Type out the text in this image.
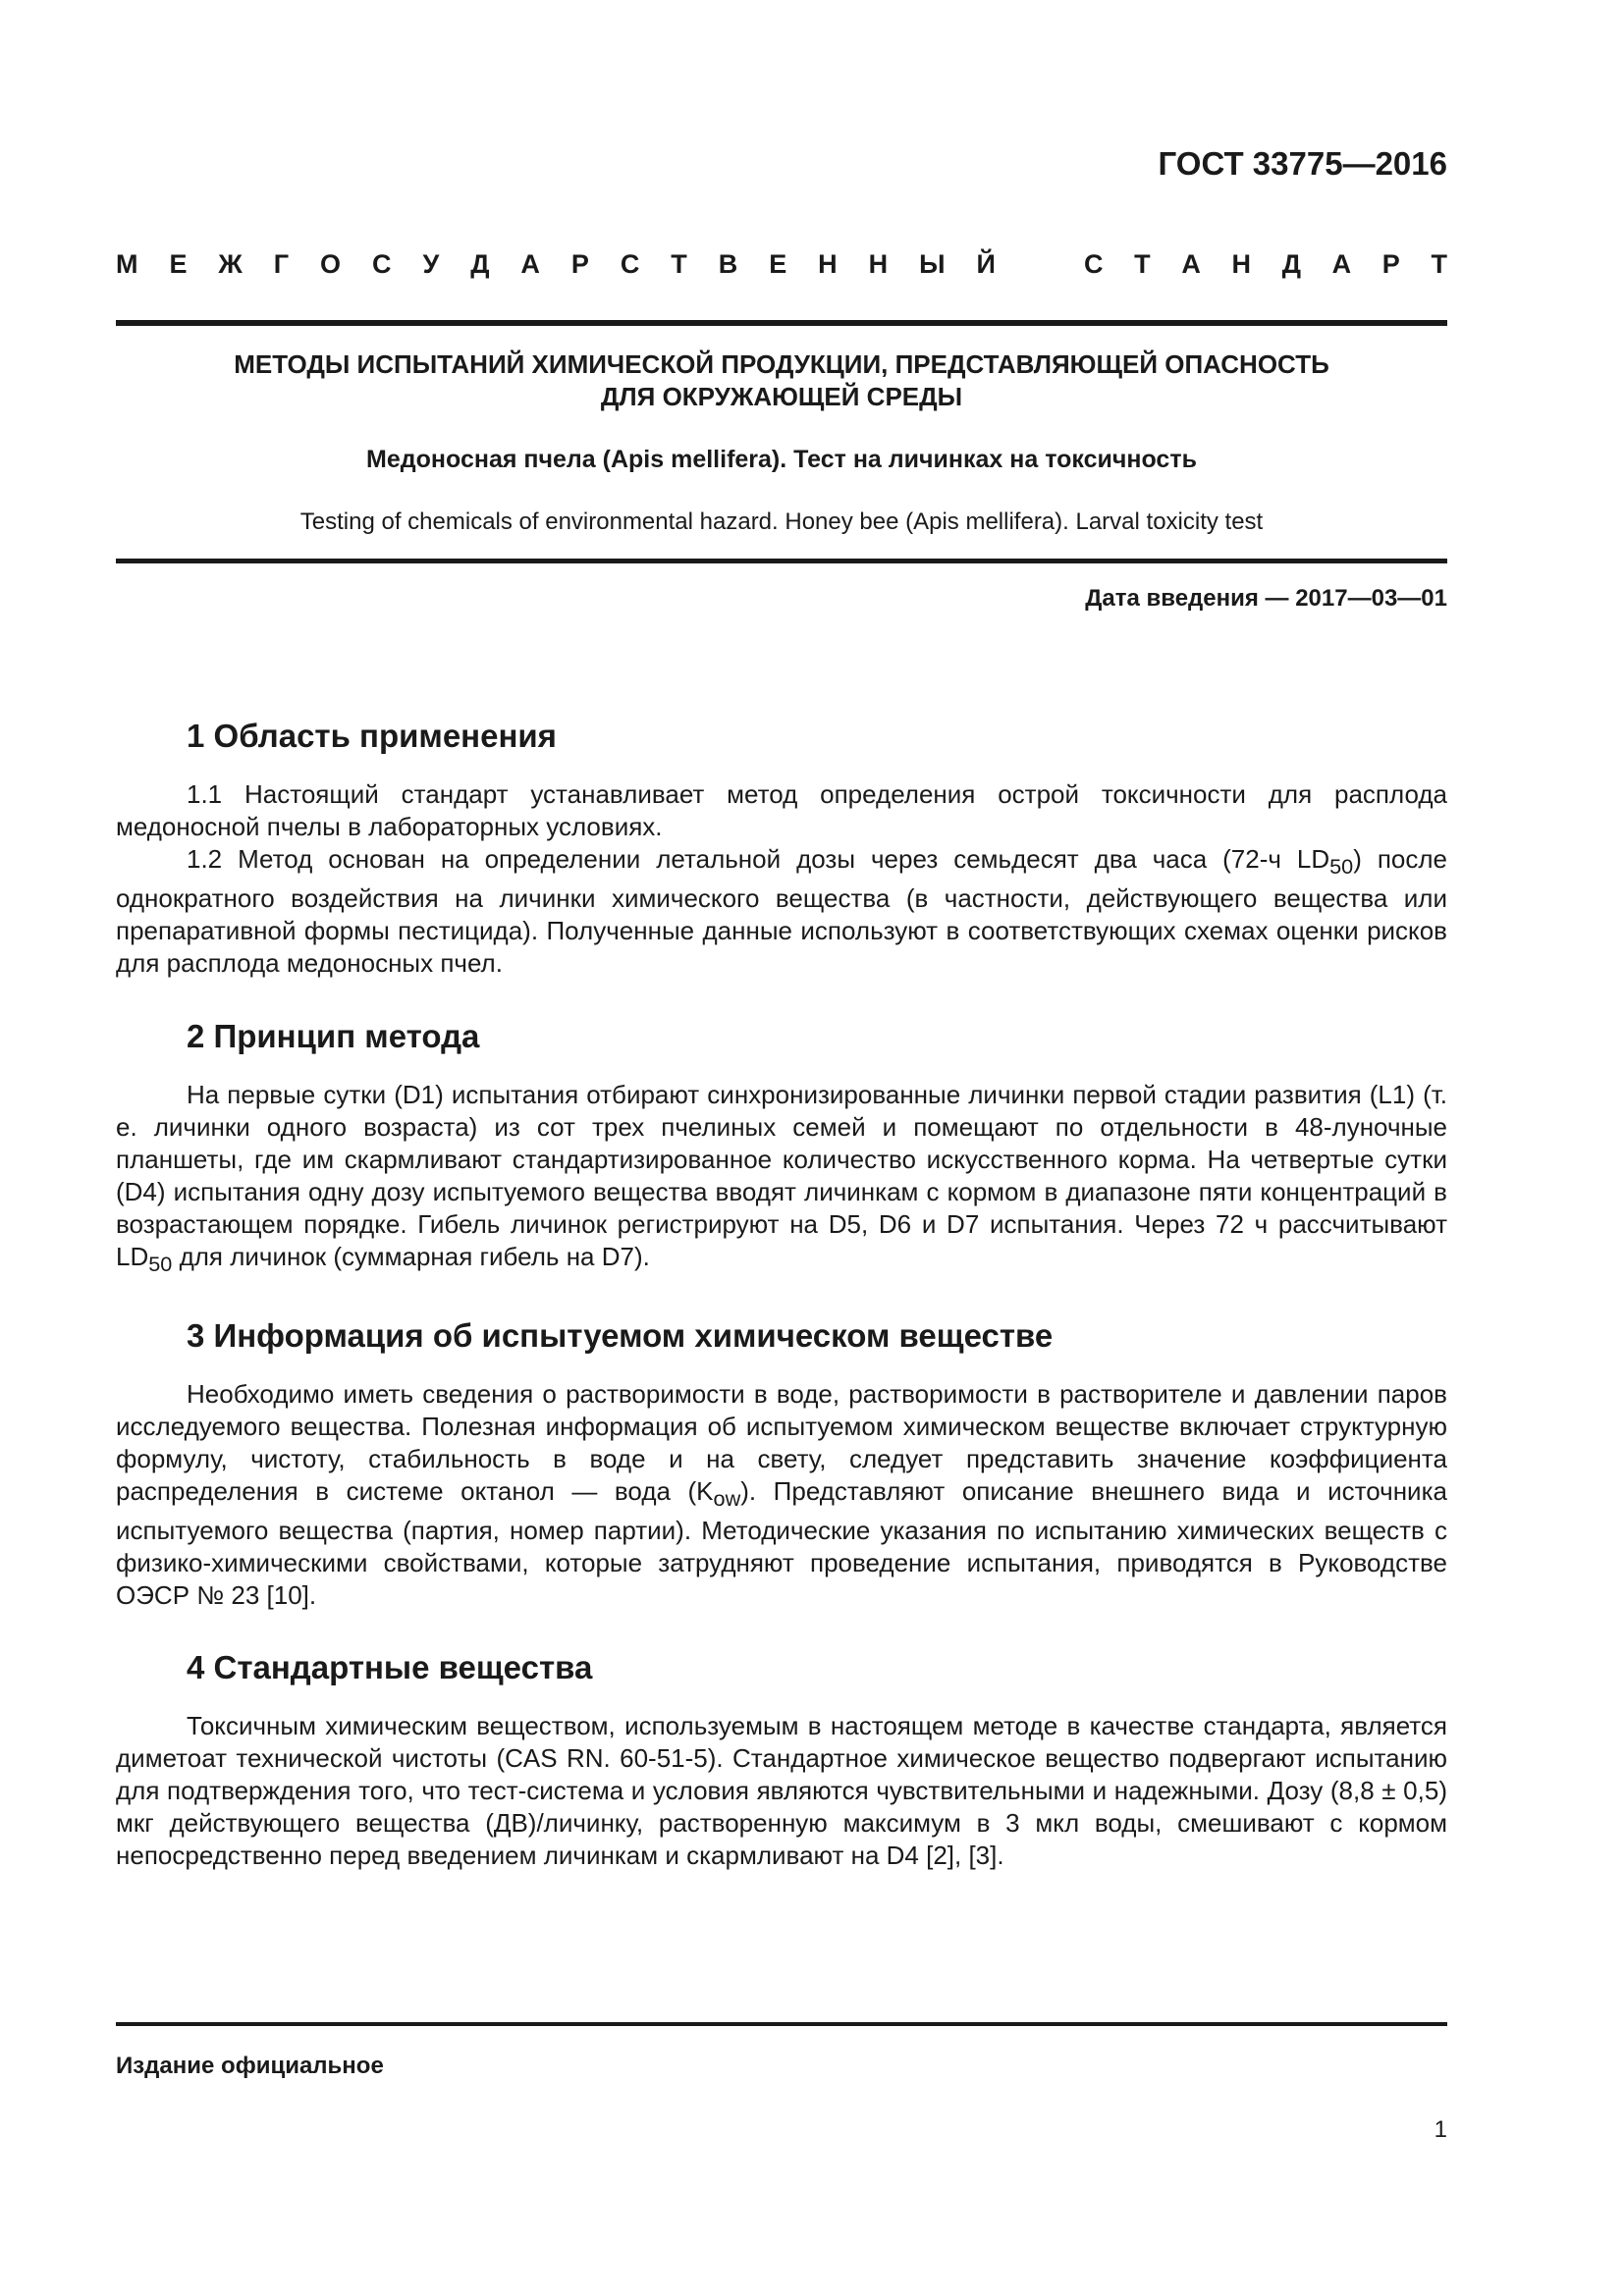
ГОСТ 33775—2016
М Е Ж Г О С У Д А Р С Т В Е Н Н Ы Й	С Т А Н Д А Р Т
МЕТОДЫ ИСПЫТАНИЙ ХИМИЧЕСКОЙ ПРОДУКЦИИ, ПРЕДСТАВЛЯЮЩЕЙ ОПАСНОСТЬ
ДЛЯ ОКРУЖАЮЩЕЙ СРЕДЫ
Медоносная пчела (Apis mellifera). Тест на личинках на токсичность
Testing of chemicals of environmental hazard. Honey bee (Apis mellifera). Larval toxicity test
Дата введения — 2017—03—01
1 Область применения

1.1 Настоящий стандарт устанавливает метод определения острой токсичности для расплода медоносной пчелы в лабораторных условиях.

1.2 Метод основан на определении летальной дозы через семьдесят два часа (72-ч $LD_{50}$) после однократного воздействия на личинки химического вещества (в частности, действующего вещества или препаративной формы пестицида). Полученные данные используют в соответствующих схемах оценки рисков для расплода медоносных пчел.

2 Принцип метода

На первые сутки (D1) испытания отбирают синхронизированные личинки первой стадии развития (L1) (т. е. личинки одного возраста) из сот трех пчелиных семей и помещают по отдельности в 48-луночные планшеты, где им скармливают стандартизированное количество искусственного корма. На четвертые сутки (D4) испытания одну дозу испытуемого вещества вводят личинкам с кормом в диапазоне пяти концентраций в возрастающем порядке. Гибель личинок регистрируют на D5, D6 и D7 испытания. Через 72 ч рассчитывают $LD_{50}$ для личинок (суммарная гибель на D7).

3 Информация об испытуемом химическом веществе

Необходимо иметь сведения о растворимости в воде, растворимости в растворителе и давлении паров исследуемого вещества. Полезная информация об испытуемом химическом веществе включает структурную формулу, чистоту, стабильность в воде и на свету, следует представить значение коэффициента распределения в системе октанол — вода $(K_{ow})$. Представляют описание внешнего вида и источника испытуемого вещества (партия, номер партии). Методические указания по испытанию химических веществ с физико-химическими свойствами, которые затрудняют проведение испытания, приводятся в Руководстве ОЭСР № 23 [10].

4 Стандартные вещества

Токсичным химическим веществом, используемым в настоящем методе в качестве стандарта, является диметоат технической чистоты (CAS RN. 60-51-5). Стандартное химическое вещество подвергают испытанию для подтверждения того, что тест-система и условия являются чувствительными и надежными. Дозу (8,8 ± 0,5) мкг действующего вещества (ДВ)/личинку, растворенную максимум в 3 мкл воды, смешивают с кормом непосредственно перед введением личинкам и скармливают на D4 [2], [3].

Издание официальное
1
